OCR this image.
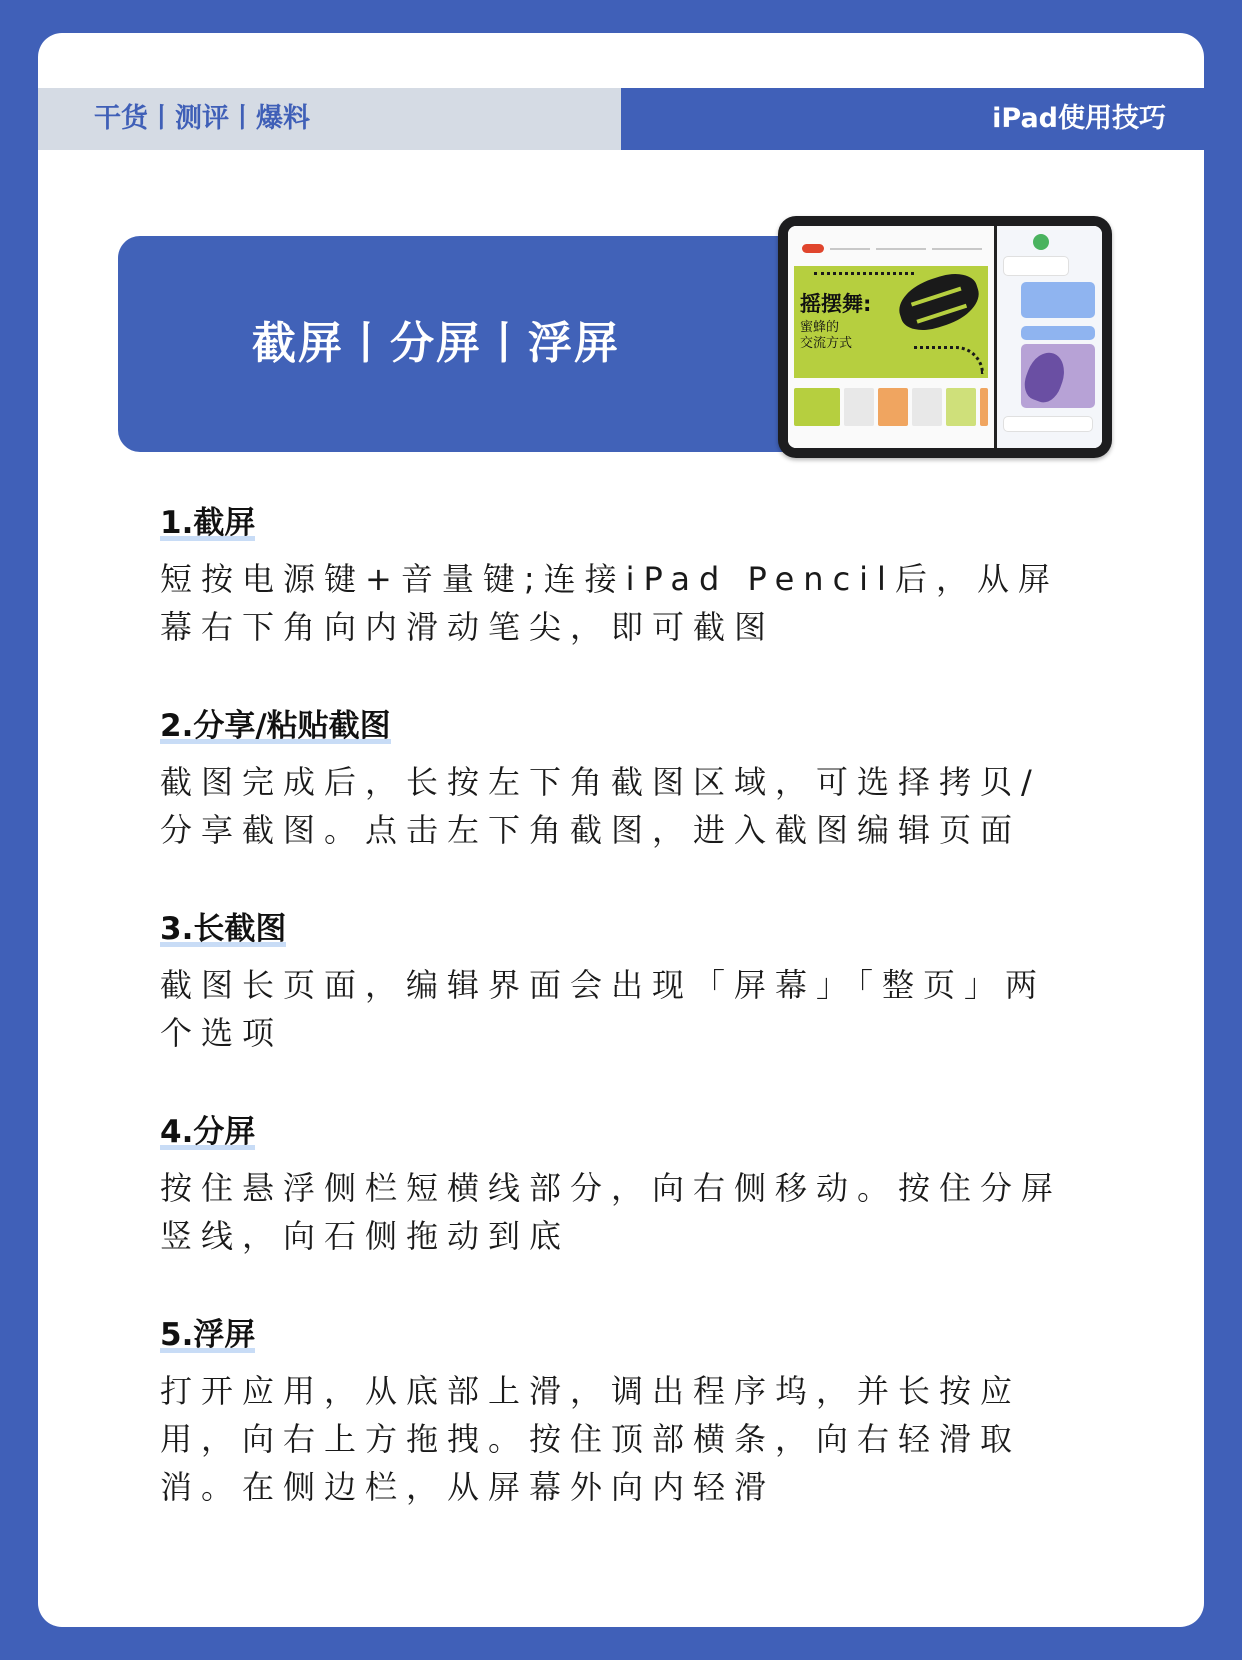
干货丨测评丨爆料	iPad使用技巧
截屏丨分屏丨浮屏
摇摆舞:
蜜蜂的
交流方式
1.截屏
短按电源键+音量键;连接iPad Pencil后，从屏
幕右下角向内滑动笔尖，即可截图
2.分享/粘贴截图
截图完成后，长按左下角截图区域，可选择拷贝/
分享截图。点击左下角截图，进入截图编辑页面
3.长截图
截图长页面，编辑界面会出现「屏幕」「整页」两
个选项
4.分屏
按住悬浮侧栏短横线部分，向右侧移动。按住分屏
竖线，向石侧拖动到底
5.浮屏
打开应用，从底部上滑，调出程序坞，并长按应
用，向右上方拖拽。按住顶部横条，向右轻滑取
消。在侧边栏，从屏幕外向内轻滑
